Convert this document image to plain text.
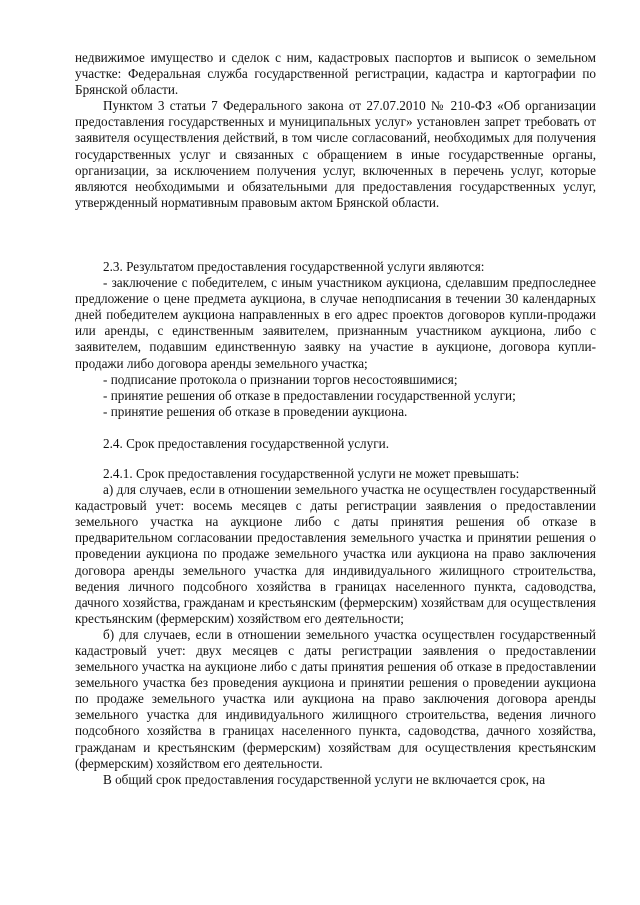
недвижимое имущество и сделок с ним, кадастровых паспортов и выписок о земельном участке: Федеральная служба государственной регистрации, кадастра и картографии по Брянской области.

Пунктом 3 статьи 7 Федерального закона от 27.07.2010 № 210-ФЗ «Об организации предоставления государственных и муниципальных услуг» установлен запрет требовать от заявителя осуществления действий, в том числе согласований, необходимых для получения государственных услуг и связанных с обращением в иные государственные органы, организации, за исключением получения услуг, включенных в перечень услуг, которые являются необходимыми и обязательными для предоставления государственных услуг, утвержденный нормативным правовым актом Брянской области.

2.3. Результатом предоставления государственной услуги являются:

- заключение с победителем, с иным участником аукциона, сделавшим предпоследнее предложение о цене предмета аукциона, в случае неподписания в течении 30 календарных дней победителем аукциона направленных в его адрес проектов договоров купли-продажи или аренды, с единственным заявителем, признанным участником аукциона, либо с заявителем, подавшим единственную заявку на участие в аукционе, договора купли-продажи либо договора аренды земельного участка;

- подписание протокола о признании торгов несостоявшимися;

- принятие решения об отказе в предоставлении государственной услуги;

- принятие решения об отказе в проведении аукциона.

2.4. Срок предоставления государственной услуги.

2.4.1. Срок предоставления государственной услуги не может превышать:

а) для случаев, если в отношении земельного участка не осуществлен государственный кадастровый учет: восемь месяцев с даты регистрации заявления о предоставлении земельного участка на аукционе либо с даты принятия решения об отказе в предварительном согласовании предоставления земельного участка и принятии решения о проведении аукциона по продаже земельного участка или аукциона на право заключения договора аренды земельного участка для индивидуального жилищного строительства, ведения личного подсобного хозяйства в границах населенного пункта, садоводства, дачного хозяйства, гражданам и крестьянским (фермерским) хозяйствам для осуществления крестьянским (фермерским) хозяйством его деятельности;

б) для случаев, если в отношении земельного участка осуществлен государственный кадастровый учет: двух месяцев с даты регистрации заявления о предоставлении земельного участка на аукционе либо с даты принятия решения об отказе в предоставлении земельного участка без проведения аукциона и принятии решения о проведении аукциона по продаже земельного участка или аукциона на право заключения договора аренды земельного участка для индивидуального жилищного строительства, ведения личного подсобного хозяйства в границах населенного пункта, садоводства, дачного хозяйства, гражданам и крестьянским (фермерским) хозяйствам для осуществления крестьянским (фермерским) хозяйством его деятельности.

В общий срок предоставления государственной услуги не включается срок, на
